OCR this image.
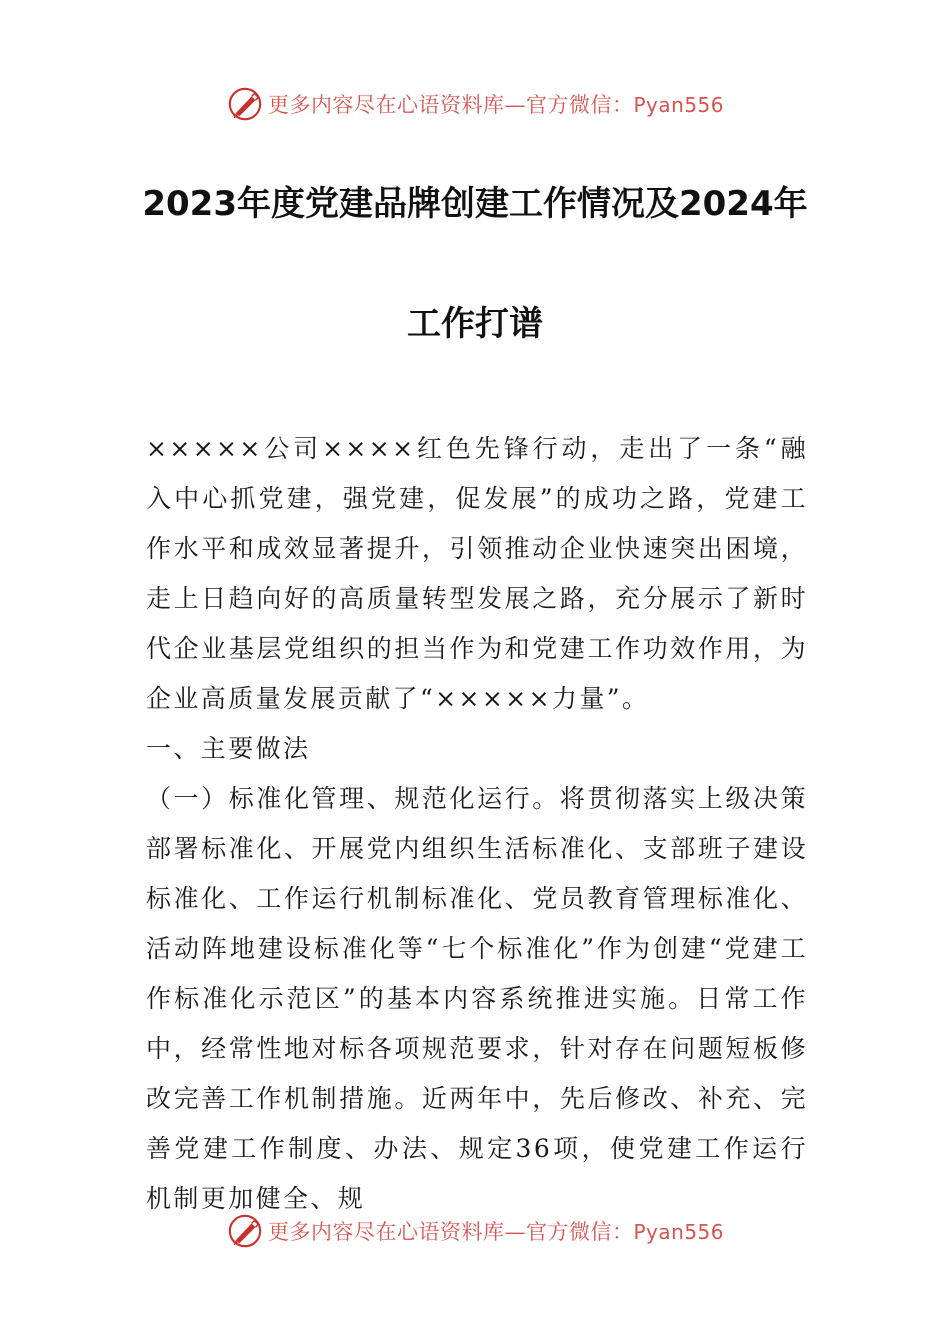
更多内容尽在心语资料库—官方微信：Pyan556
2023年度党建品牌创建工作情况及2024年
工作打谱

×××××公司××××红色先锋行动，走出了一条“融入中心抓党建，强党建，促发展”的成功之路，党建工作水平和成效显著提升，引领推动企业快速突出困境，走上日趋向好的高质量转型发展之路，充分展示了新时代企业基层党组织的担当作为和党建工作功效作用，为企业高质量发展贡献了“×××××力量”。

一、主要做法

（一）标准化管理、规范化运行。将贯彻落实上级决策部署标准化、开展党内组织生活标准化、支部班子建设标准化、工作运行机制标准化、党员教育管理标准化、活动阵地建设标准化等“七个标准化”作为创建“党建工作标准化示范区”的基本内容系统推进实施。日常工作中，经常性地对标各项规范要求，针对存在问题短板修改完善工作机制措施。近两年中，先后修改、补充、完善党建工作制度、办法、规定36项，使党建工作运行机制更加健全、规

更多内容尽在心语资料库—官方微信：Pyan556
